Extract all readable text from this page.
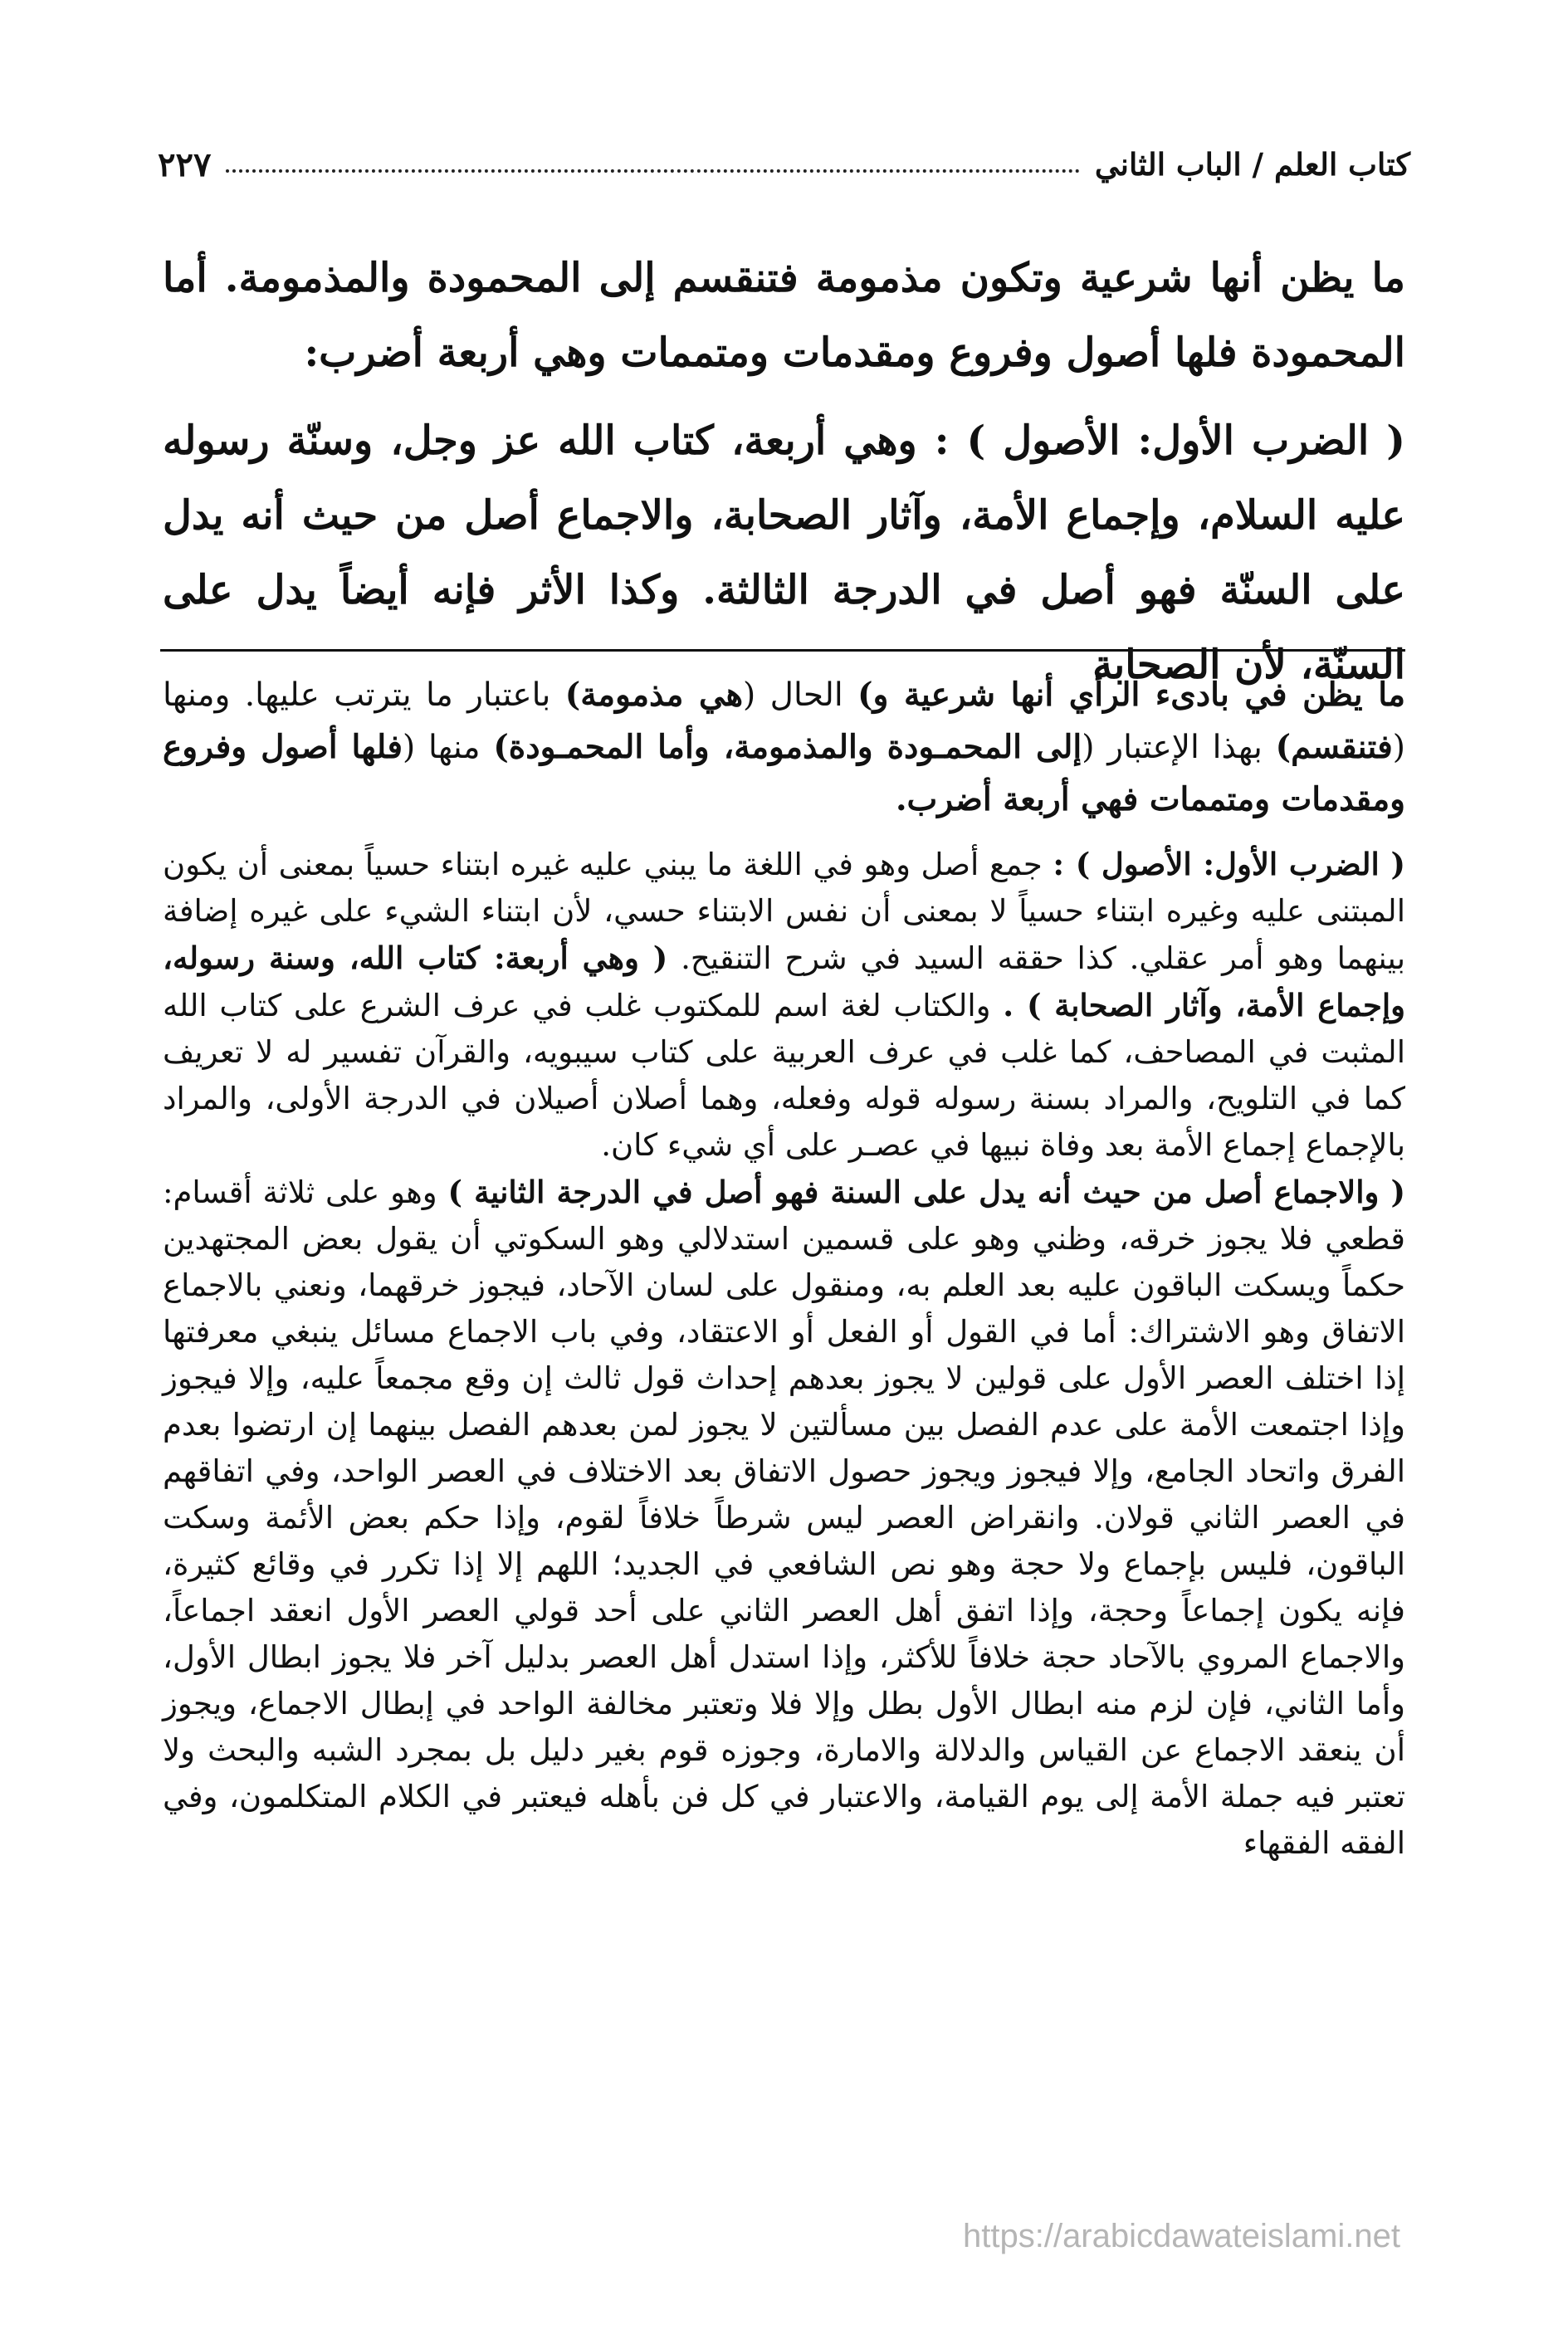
كتاب العلم / الباب الثاني
٢٢٧

ما يظن أنها شرعية وتكون مذمومة فتنقسم إلى المحمودة والمذمومة. أما المحمودة فلها أصول وفروع ومقدمات ومتممات وهي أربعة أضرب:

( الضرب الأول: الأصول ) : وهي أربعة، كتاب الله عز وجل، وسنّة رسوله عليه السلام، وإجماع الأمة، وآثار الصحابة، والاجماع أصل من حيث أنه يدل على السنّة فهو أصل في الدرجة الثالثة. وكذا الأثر فإنه أيضاً يدل على السنّة، لأن الصحابة

ما يظن في بادىء الرأي أنها شرعية و) الحال (هي مذمومة) باعتبار ما يترتب عليها. ومنها (فتنقسم) بهذا الإعتبار (إلى المحمـودة والمذمومة، وأما المحمـودة) منها (فلها أصول وفروع ومقدمات ومتممات فهي أربعة أضرب.

( الضرب الأول: الأصول ) : جمع أصل وهو في اللغة ما يبني عليه غيره ابتناء حسياً بمعنى أن يكون المبتنى عليه وغيره ابتناء حسياً لا بمعنى أن نفس الابتناء حسي، لأن ابتناء الشيء على غيره إضافة بينهما وهو أمر عقلي. كذا حققه السيد في شرح التنقيح. ( وهي أربعة: كتاب الله، وسنة رسوله، وإجماع الأمة، وآثار الصحابة ) . والكتاب لغة اسم للمكتوب غلب في عرف الشرع على كتاب الله المثبت في المصاحف، كما غلب في عرف العربية على كتاب سيبويه، والقرآن تفسير له لا تعريف كما في التلويح، والمراد بسنة رسوله قوله وفعله، وهما أصلان أصيلان في الدرجة الأولى، والمراد بالإجماع إجماع الأمة بعد وفاة نبيها في عصـر على أي شيء كان.

( والاجماع أصل من حيث أنه يدل على السنة فهو أصل في الدرجة الثانية ) وهو على ثلاثة أقسام: قطعي فلا يجوز خرقه، وظني وهو على قسمين استدلالي وهو السكوتي أن يقول بعض المجتهدين حكماً ويسكت الباقون عليه بعد العلم به، ومنقول على لسان الآحاد، فيجوز خرقهما، ونعني بالاجماع الاتفاق وهو الاشتراك: أما في القول أو الفعل أو الاعتقاد، وفي باب الاجماع مسائل ينبغي معرفتها إذا اختلف العصر الأول على قولين لا يجوز بعدهم إحداث قول ثالث إن وقع مجمعاً عليه، وإلا فيجوز وإذا اجتمعت الأمة على عدم الفصل بين مسألتين لا يجوز لمن بعدهم الفصل بينهما إن ارتضوا بعدم الفرق واتحاد الجامع، وإلا فيجوز ويجوز حصول الاتفاق بعد الاختلاف في العصر الواحد، وفي اتفاقهم في العصر الثاني قولان. وانقراض العصر ليس شرطاً خلافاً لقوم، وإذا حكم بعض الأئمة وسكت الباقون، فليس بإجماع ولا حجة وهو نص الشافعي في الجديد؛ اللهم إلا إذا تكرر في وقائع كثيرة، فإنه يكون إجماعاً وحجة، وإذا اتفق أهل العصر الثاني على أحد قولي العصر الأول انعقد اجماعاً، والاجماع المروي بالآحاد حجة خلافاً للأكثر، وإذا استدل أهل العصر بدليل آخر فلا يجوز ابطال الأول، وأما الثاني، فإن لزم منه ابطال الأول بطل وإلا فلا وتعتبر مخالفة الواحد في إبطال الاجماع، ويجوز أن ينعقد الاجماع عن القياس والدلالة والامارة، وجوزه قوم بغير دليل بل بمجرد الشبه والبحث ولا تعتبر فيه جملة الأمة إلى يوم القيامة، والاعتبار في كل فن بأهله فيعتبر في الكلام المتكلمون، وفي الفقه الفقهاء

https://arabicdawateislami.net
